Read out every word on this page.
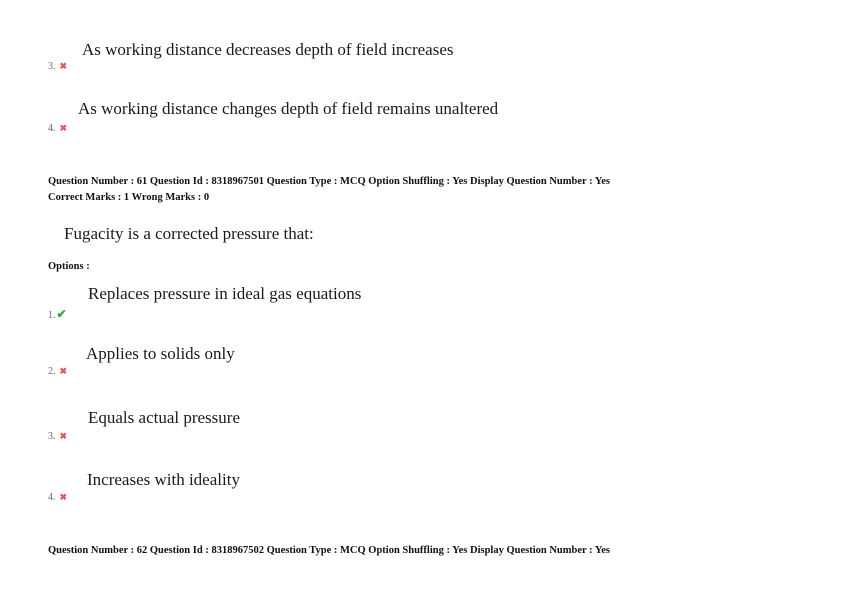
As working distance decreases depth of field increases
3. ✖
As working distance changes depth of field remains unaltered
4. ✖
Question Number : 61 Question Id : 8318967501 Question Type : MCQ Option Shuffling : Yes Display Question Number : Yes
Correct Marks : 1 Wrong Marks : 0
Fugacity is a corrected pressure that:
Options :
Replaces pressure in ideal gas equations
1.✔
Applies to solids only
2. ✖
Equals actual pressure
3. ✖
Increases with ideality
4. ✖
Question Number : 62 Question Id : 8318967502 Question Type : MCQ Option Shuffling : Yes Display Question Number : Yes
